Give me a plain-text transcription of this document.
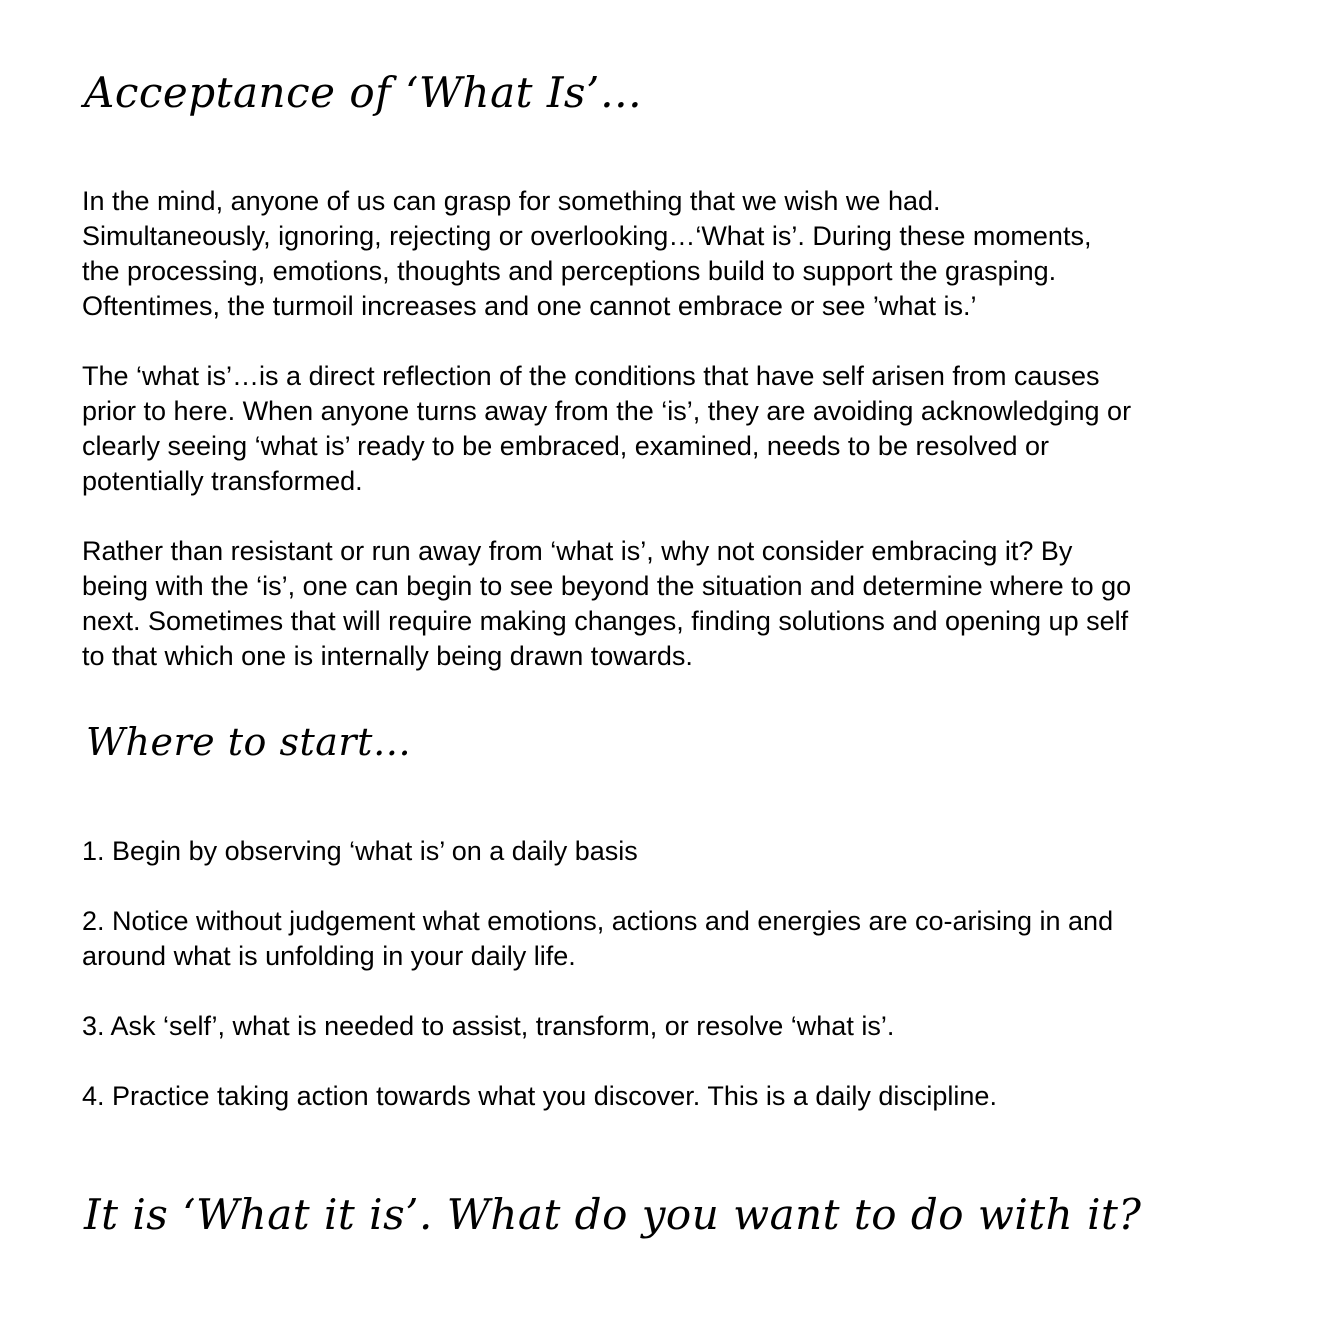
Acceptance of ‘What Is’…

In the mind, anyone of us can grasp for something that we wish we had.
Simultaneously, ignoring, rejecting or overlooking…‘What is’. During these moments,
the processing, emotions, thoughts and perceptions build to support the grasping.
Oftentimes, the turmoil increases and one cannot embrace or see ’what is.’

The ‘what is’…is a direct reflection of the conditions that have self arisen from causes
prior to here. When anyone turns away from the ‘is’, they are avoiding acknowledging or
clearly seeing ‘what is’ ready to be embraced, examined, needs to be resolved or
potentially transformed.

Rather than resistant or run away from ‘what is’, why not consider embracing it? By
being with the ‘is’, one can begin to see beyond the situation and determine where to go
next. Sometimes that will require making changes, finding solutions and opening up self
to that which one is internally being drawn towards.

Where to start…

1. Begin by observing ‘what is’ on a daily basis

2. Notice without judgement what emotions, actions and energies are co-arising in and
around what is unfolding in your daily life.

3. Ask ‘self’, what is needed to assist, transform, or resolve ‘what is’.

4. Practice taking action towards what you discover. This is a daily discipline.

It is ‘What it is’. What do you want to do with it?
